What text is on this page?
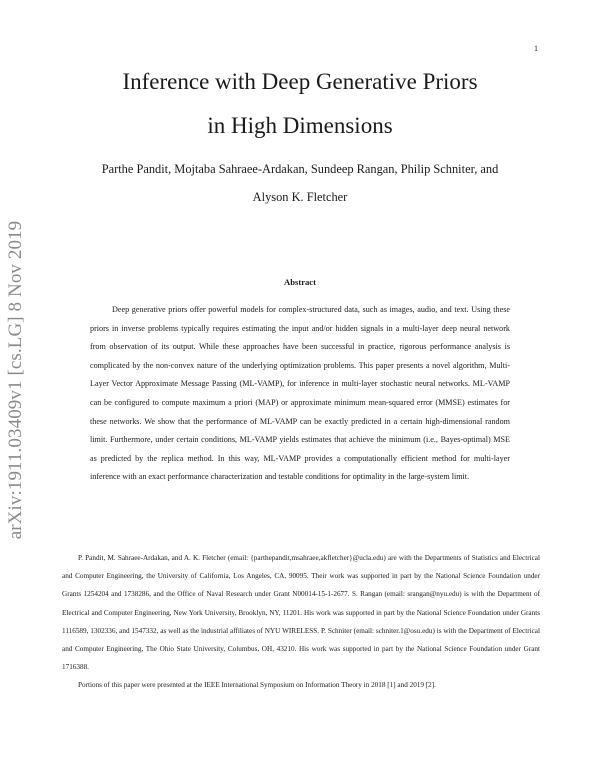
1
arXiv:1911.03409v1 [cs.LG] 8 Nov 2019
Inference with Deep Generative Priors
in High Dimensions
Parthe Pandit, Mojtaba Sahraee-Ardakan, Sundeep Rangan, Philip Schniter, and
Alyson K. Fletcher
Abstract

Deep generative priors offer powerful models for complex-structured data, such as images, audio, and text. Using these priors in inverse problems typically requires estimating the input and/or hidden signals in a multi-layer deep neural network from observation of its output. While these approaches have been successful in practice, rigorous performance analysis is complicated by the non-convex nature of the underlying optimization problems. This paper presents a novel algorithm, Multi-Layer Vector Approximate Message Passing (ML-VAMP), for inference in multi-layer stochastic neural networks. ML-VAMP can be configured to compute maximum a priori (MAP) or approximate minimum mean-squared error (MMSE) estimates for these networks. We show that the performance of ML-VAMP can be exactly predicted in a certain high-dimensional random limit. Furthermore, under certain conditions, ML-VAMP yields estimates that achieve the minimum (i.e., Bayes-optimal) MSE as predicted by the replica method. In this way, ML-VAMP provides a computationally efficient method for multi-layer inference with an exact performance characterization and testable conditions for optimality in the large-system limit.

P. Pandit, M. Sahraee-Ardakan, and A. K. Fletcher (email: {parthepandit,msahraee,akfletcher}@ucla.edu) are with the Departments of Statistics and Electrical and Computer Engineering, the University of California, Los Angeles, CA, 90095. Their work was supported in part by the National Science Foundation under Grants 1254204 and 1738286, and the Office of Naval Research under Grant N00014-15-1-2677. S. Rangan (email: srangan@nyu.edu) is with the Department of Electrical and Computer Engineering, New York University, Brooklyn, NY, 11201. His work was supported in part by the National Science Foundation under Grants 1116589, 1302336, and 1547332, as well as the industrial affiliates of NYU WIRELESS. P. Schniter (email: schniter.1@osu.edu) is with the Department of Electrical and Computer Engineering, The Ohio State University, Columbus, OH, 43210. His work was supported in part by the National Science Foundation under Grant 1716388.

Portions of this paper were presented at the IEEE International Symposium on Information Theory in 2018 [1] and 2019 [2].
